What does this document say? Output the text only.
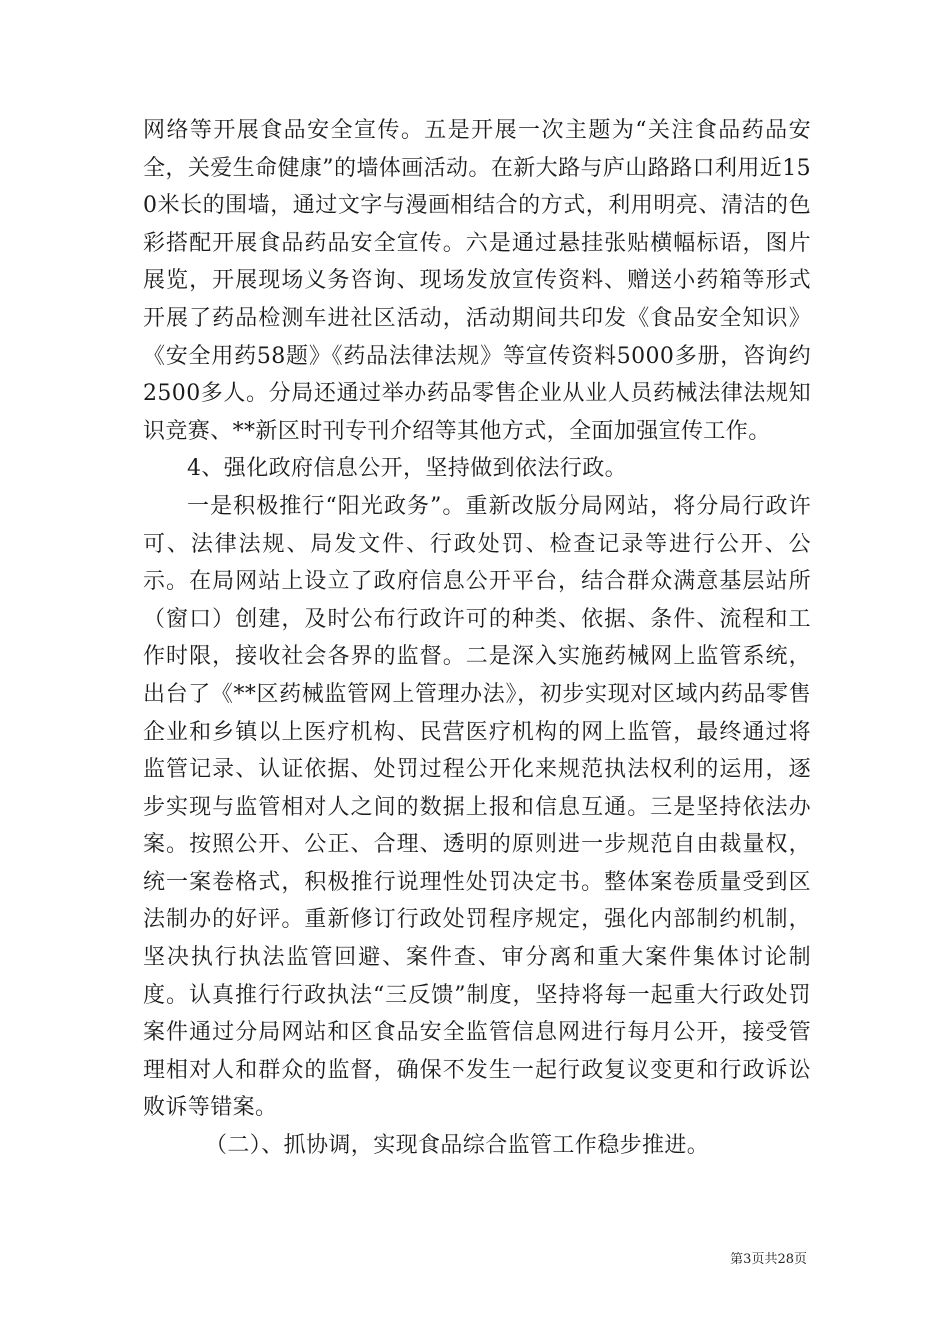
网络等开展食品安全宣传。五是开展一次主题为“关注食品药品安全，关爱生命健康”的墙体画活动。在新大路与庐山路路口利用近150米长的围墙，通过文字与漫画相结合的方式，利用明亮、清洁的色彩搭配开展食品药品安全宣传。六是通过悬挂张贴横幅标语，图片展览，开展现场义务咨询、现场发放宣传资料、赠送小药箱等形式开展了药品检测车进社区活动，活动期间共印发《食品安全知识》《安全用药58题》《药品法律法规》等宣传资料5000多册，咨询约2500多人。分局还通过举办药品零售企业从业人员药械法律法规知识竞赛、**新区时刊专刊介绍等其他方式，全面加强宣传工作。

4、强化政府信息公开，坚持做到依法行政。

一是积极推行“阳光政务”。重新改版分局网站，将分局行政许可、法律法规、局发文件、行政处罚、检查记录等进行公开、公示。在局网站上设立了政府信息公开平台，结合群众满意基层站所（窗口）创建，及时公布行政许可的种类、依据、条件、流程和工作时限，接收社会各界的监督。二是深入实施药械网上监管系统，出台了《**区药械监管网上管理办法》，初步实现对区域内药品零售企业和乡镇以上医疗机构、民营医疗机构的网上监管，最终通过将监管记录、认证依据、处罚过程公开化来规范执法权利的运用，逐步实现与监管相对人之间的数据上报和信息互通。三是坚持依法办案。按照公开、公正、合理、透明的原则进一步规范自由裁量权，统一案卷格式，积极推行说理性处罚决定书。整体案卷质量受到区法制办的好评。重新修订行政处罚程序规定，强化内部制约机制，坚决执行执法监管回避、案件查、审分离和重大案件集体讨论制度。认真推行行政执法“三反馈”制度，坚持将每一起重大行政处罚案件通过分局网站和区食品安全监管信息网进行每月公开，接受管理相对人和群众的监督，确保不发生一起行政复议变更和行政诉讼败诉等错案。

（二）、抓协调，实现食品综合监管工作稳步推进。

第3页共28页
